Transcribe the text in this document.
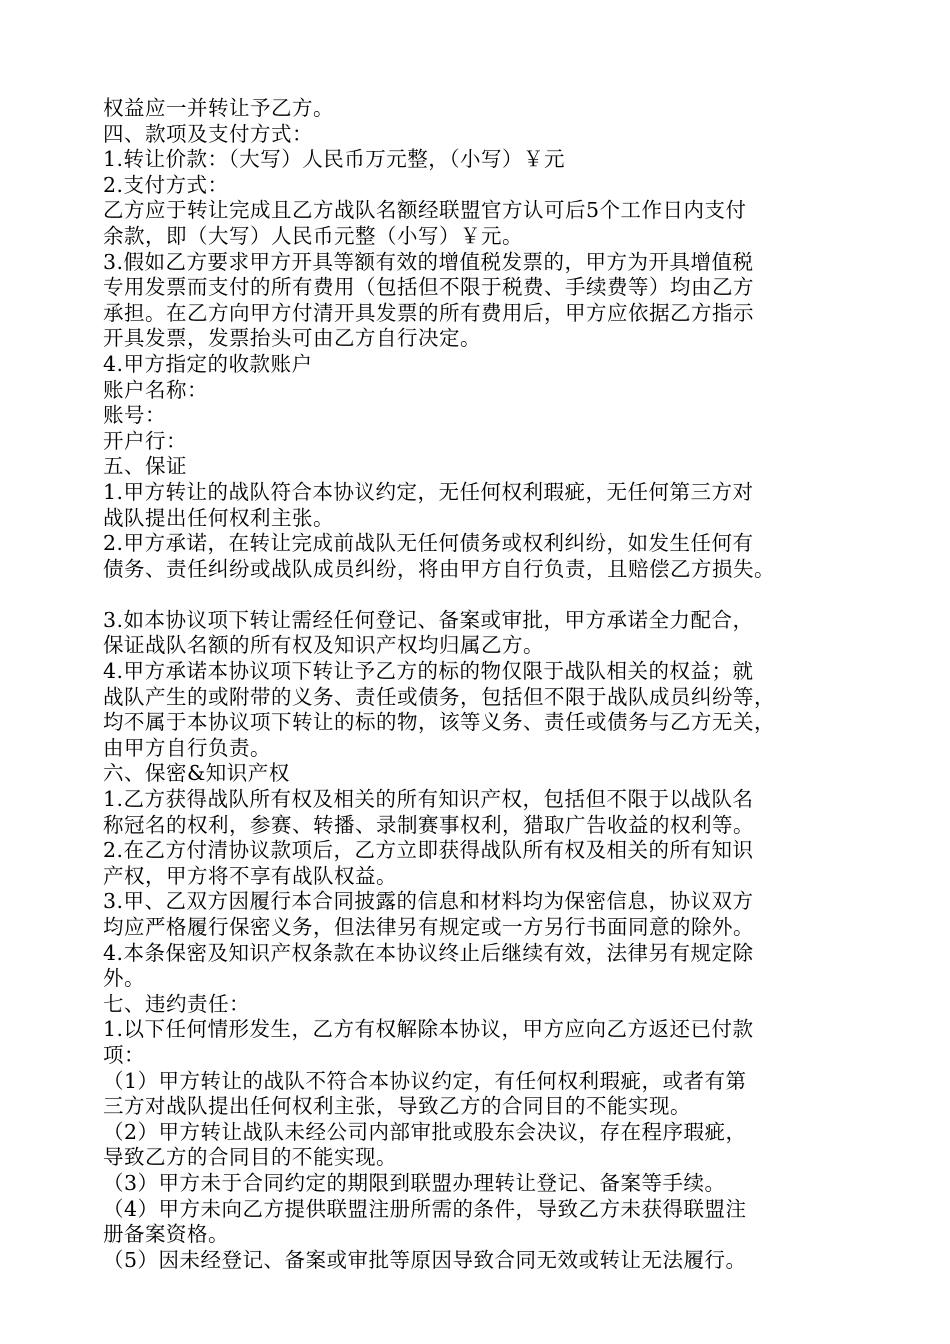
权益应一并转让予乙方。
四、款项及支付方式：
1.转让价款：（大写）人民币万元整，（小写）￥元
2.支付方式：
乙方应于转让完成且乙方战队名额经联盟官方认可后5个工作日内支付
余款，即（大写）人民币元整（小写）￥元。
3.假如乙方要求甲方开具等额有效的增值税发票的，甲方为开具增值税
专用发票而支付的所有费用（包括但不限于税费、手续费等）均由乙方
承担。在乙方向甲方付清开具发票的所有费用后，甲方应依据乙方指示
开具发票，发票抬头可由乙方自行决定。
4.甲方指定的收款账户
账户名称：
账号：
开户行：
五、保证
1.甲方转让的战队符合本协议约定，无任何权利瑕疵，无任何第三方对
战队提出任何权利主张。
2.甲方承诺，在转让完成前战队无任何债务或权利纠纷，如发生任何有
债务、责任纠纷或战队成员纠纷，将由甲方自行负责，且赔偿乙方损失。
3.如本协议项下转让需经任何登记、备案或审批，甲方承诺全力配合，
保证战队名额的所有权及知识产权均归属乙方。
4.甲方承诺本协议项下转让予乙方的标的物仅限于战队相关的权益；就
战队产生的或附带的义务、责任或债务，包括但不限于战队成员纠纷等，
均不属于本协议项下转让的标的物，该等义务、责任或债务与乙方无关，
由甲方自行负责。
六、保密&知识产权
1.乙方获得战队所有权及相关的所有知识产权，包括但不限于以战队名
称冠名的权利，参赛、转播、录制赛事权利，猎取广告收益的权利等。
2.在乙方付清协议款项后，乙方立即获得战队所有权及相关的所有知识
产权，甲方将不享有战队权益。
3.甲、乙双方因履行本合同披露的信息和材料均为保密信息，协议双方
均应严格履行保密义务，但法律另有规定或一方另行书面同意的除外。
4.本条保密及知识产权条款在本协议终止后继续有效，法律另有规定除
外。
七、违约责任：
1.以下任何情形发生，乙方有权解除本协议，甲方应向乙方返还已付款
项：
（1）甲方转让的战队不符合本协议约定，有任何权利瑕疵，或者有第
三方对战队提出任何权利主张，导致乙方的合同目的不能实现。
（2）甲方转让战队未经公司内部审批或股东会决议，存在程序瑕疵，
导致乙方的合同目的不能实现。
（3）甲方未于合同约定的期限到联盟办理转让登记、备案等手续。
（4）甲方未向乙方提供联盟注册所需的条件，导致乙方未获得联盟注
册备案资格。
（5）因未经登记、备案或审批等原因导致合同无效或转让无法履行。
